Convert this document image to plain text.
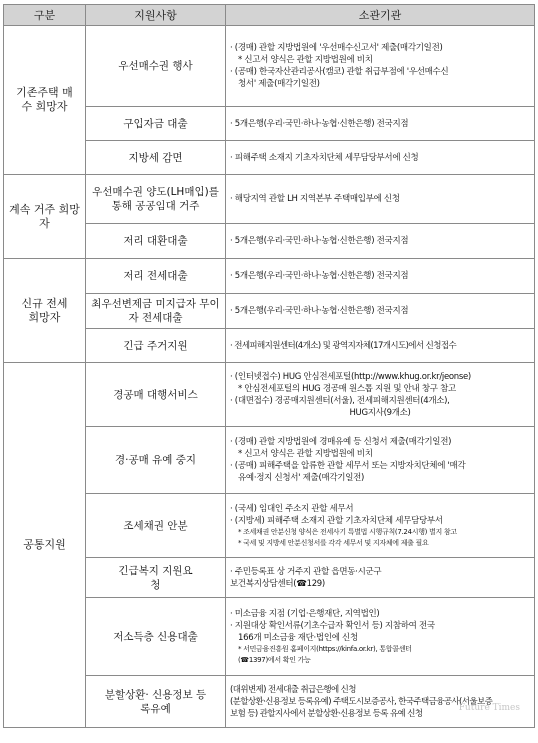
구분	지원사항	소관기관
기존주택 매수 희망자	우선매수권 행사	· (경매) 관할 지방법원에 '우선매수신고서' 제출(매각기일전)
* 신고서 양식은 관할 지방법원에 비치
· (공매) 한국자산관리공사(캠코) 관할 취급부점에 '우선매수신
청서' 제출(매각기일전)

	구입자금 대출	· 5개은행(우리·국민·하나·농협·신한은행) 전국지점

	지방세 감면	· 피해주택 소재지 기초자치단체 세무담당부서에 신청

계속 거주 희망자	우선매수권 양도(LH매입)를 통해 공공임대 거주	· 해당지역 관할 LH 지역본부 주택매입부에 신청

	저리 대환대출	· 5개은행(우리·국민·하나·농협·신한은행) 전국지점

신규 전세 희망자	저리 전세대출	· 5개은행(우리·국민·하나·농협·신한은행) 전국지점

	최우선변제금 미지급자 무이자 전세대출	· 5개은행(우리·국민·하나·농협·신한은행) 전국지점

	긴급 주거지원	· 전세피해지원센터(4개소) 및 광역지자체(17개시도)에서 신청접수

공통지원	경공매 대행서비스	· (인터넷접수) HUG 안심전세포털(http://www.khug.or.kr/jeonse)
* 안심전세포털의 HUG 경공매 원스톱 지원 및 안내 창구 참고
· (대면접수) 경공매지원센터(서울), 전세피해지원센터(4개소),
HUG지사(9개소)

	경·공매 유예 중지	· (경매) 관할 지방법원에 경매유예 등 신청서 제출(매각기일전)
* 신고서 양식은 관할 지방법원에 비치
· (공매) 피해주택을 압류한 관할 세무서 또는 지방자치단체에 '매각
유예·정지 신청서' 제출(매각기일전)

	조세채권 안분	· (국세) 임대인 주소지 관할 세무서
· (지방세) 피해주택 소재지 관할 기초자치단체 세무담당부서
* 조세채권 안분신청 양식은 전세사기 특별법 시행규칙(7.24시행) 별지 참고
* 국세 및 지방세 안분신청서를 각각 세무서 및 지자체에 제출 필요

	긴급복지 지원요청	· 주민등록표 상 거주지 관할 읍면동·시군구
보건복지상담센터(☎129)

	저소득층 신용대출	· 미소금융 지점 (기업·은행재단, 지역법인)
· 지원대상 확인서류(기초수급자 확인서 등) 지참하여 전국
166개 미소금융 재단·법인에 신청
* 서민금융진흥원 홈페이지(https://kinfa.or.kr), 통합콜센터
(☎1397)에서 확인 가능

	분할상환· 신용정보 등록유예	(대위변제) 전세대출 취급은행에 신청
(분할상환·신용정보 등록유예) 주택도시보증공사, 한국주택금융공사(서울보증
보험 등) 관할지사에서 분할상환·신용정보 등록 유예 신청
Future Times
